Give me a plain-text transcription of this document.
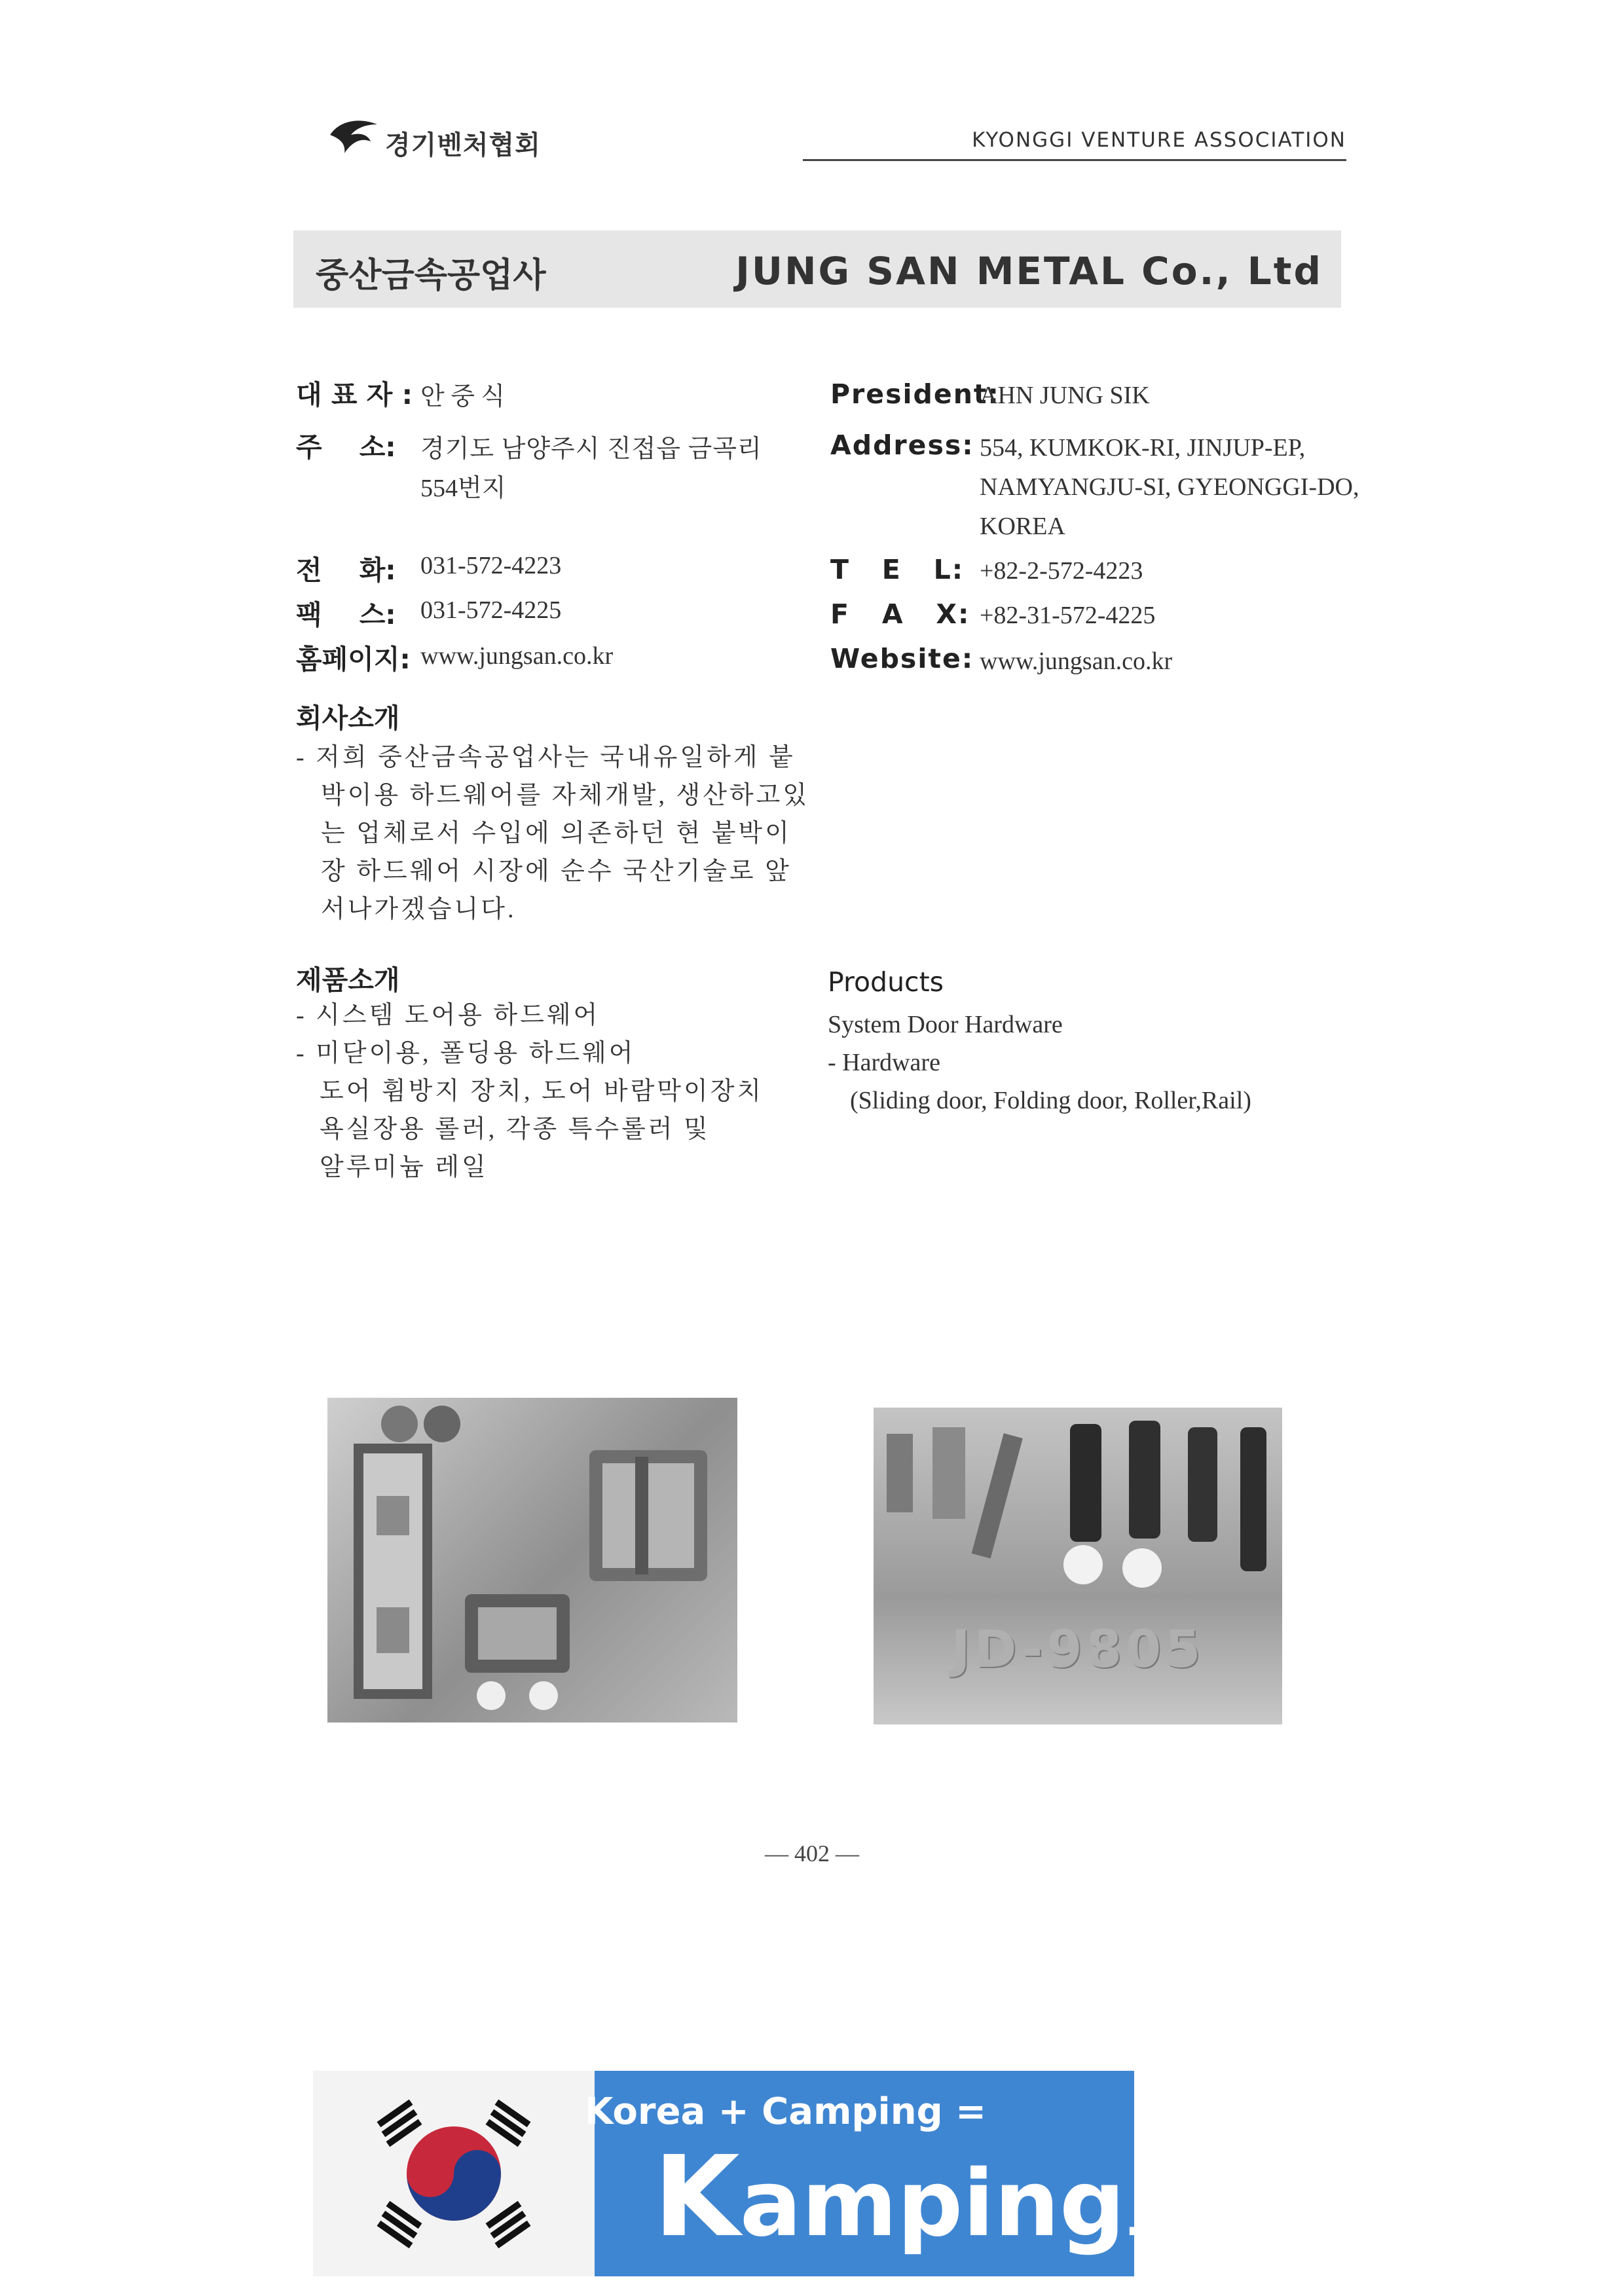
경기벤처협회	KYONGGI VENTURE ASSOCIATION
중산금속공업사	JUNG SAN METAL Co., Ltd
대 표 자 : 안 중 식
주    소: 경기도 남양주시 진접읍 금곡리
554번지
전    화: 031-572-4223
팩    스: 031-572-4225
홈페이지: www.jungsan.co.kr
President:
AHN JUNG SIK
Address: 554, KUMKOK-RI, JINJUP-EP,
NAMYANGJU-SI, GYEONGGI-DO,
KOREA
T   E   L: +82-2-572-4223
F   A   X: +82-31-572-4225
Website: www.jungsan.co.kr
회사소개
- 저희 중산금속공업사는 국내유일하게 붙
박이용 하드웨어를 자체개발, 생산하고있
는 업체로서 수입에 의존하던 현 붙박이
장 하드웨어 시장에 순수 국산기술로 앞
서나가겠습니다.
제품소개
- 시스템 도어용 하드웨어
- 미닫이용, 폴딩용 하드웨어
도어 휨방지 장치, 도어 바람막이장치
욕실장용 롤러, 각종 특수롤러 및
알루미늄 레일
Products
System Door Hardware
- Hardware
(Sliding door, Folding door, Roller,Rail)
JD-9805
— 402 —
Korea + Camping =
Kamping.co.kr
